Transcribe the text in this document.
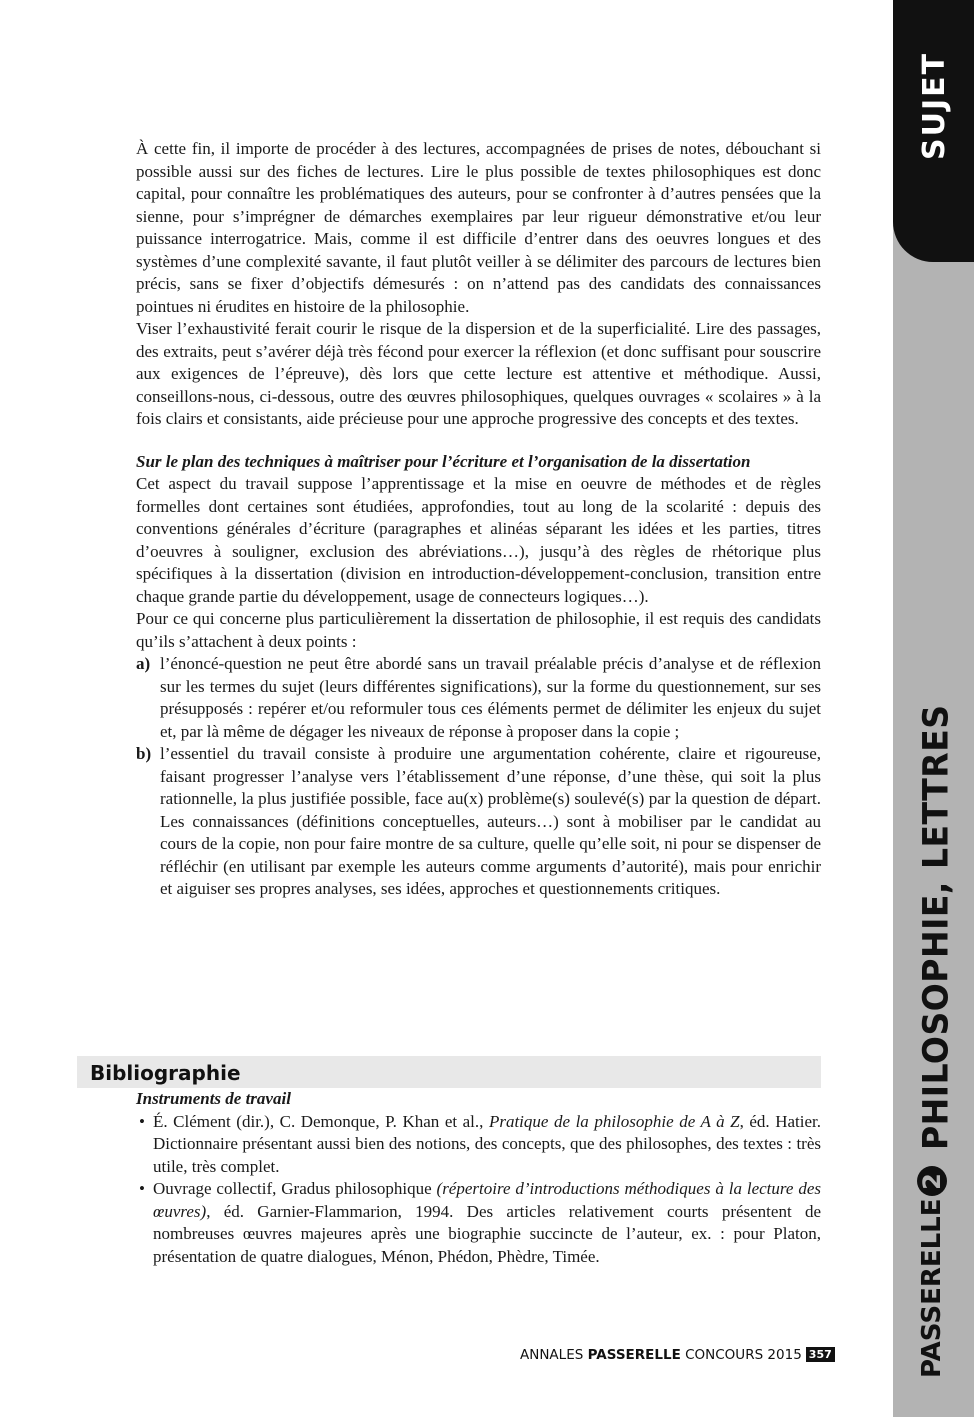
SUJET
PHILOSOPHIE, LETTRES
PASSERELLE2

À cette fin, il importe de procéder à des lectures, accompagnées de prises de notes, débouchant si possible aussi sur des fiches de lectures. Lire le plus possible de textes philosophiques est donc capital, pour connaître les problématiques des auteurs, pour se confronter à d’autres pensées que la sienne, pour s’imprégner de démarches exemplaires par leur rigueur démonstrative et/ou leur puissance interrogatrice. Mais, comme il est difficile d’entrer dans des oeuvres longues et des systèmes d’une complexité savante, il faut plutôt veiller à se délimiter des parcours de lectures bien précis, sans se fixer d’objectifs démesurés : on n’attend pas des candidats des connaissances pointues ni érudites en histoire de la philosophie.

Viser l’exhaustivité ferait courir le risque de la dispersion et de la superficialité. Lire des passages, des extraits, peut s’avérer déjà très fécond pour exercer la réflexion (et donc suffisant pour souscrire aux exigences de l’épreuve), dès lors que cette lecture est attentive et méthodique. Aussi, conseillons-nous, ci-dessous, outre des œuvres philosophiques, quelques ouvrages « scolaires » à la fois clairs et consistants, aide précieuse pour une approche progressive des concepts et des textes.

Sur le plan des techniques à maîtriser pour l’écriture et l’organisation de la dissertation

Cet aspect du travail suppose l’apprentissage et la mise en oeuvre de méthodes et de règles formelles dont certaines sont étudiées, approfondies, tout au long de la scolarité : depuis des conventions générales d’écriture (paragraphes et alinéas séparant les idées et les parties, titres d’oeuvres à souligner, exclusion des abréviations…), jusqu’à des règles de rhétorique plus spécifiques à la dissertation (division en introduction-développement-conclusion, transition entre chaque grande partie du développement, usage de connecteurs logiques…).

Pour ce qui concerne plus particulièrement la dissertation de philosophie, il est requis des candidats qu’ils s’attachent à deux points :

a) l’énoncé-question ne peut être abordé sans un travail préalable précis d’analyse et de réflexion sur les termes du sujet (leurs différentes significations), sur la forme du questionnement, sur ses présupposés : repérer et/ou reformuler tous ces éléments permet de délimiter les enjeux du sujet et, par là même de dégager les niveaux de réponse à proposer dans la copie ;
b) l’essentiel du travail consiste à produire une argumentation cohérente, claire et rigoureuse, faisant progresser l’analyse vers l’établissement d’une réponse, d’une thèse, qui soit la plus rationnelle, la plus justifiée possible, face au(x) problème(s) soulevé(s) par la question de départ. Les connaissances (définitions conceptuelles, auteurs…) sont à mobiliser par le candidat au cours de la copie, non pour faire montre de sa culture, quelle qu’elle soit, ni pour se dispenser de réfléchir (en utilisant par exemple les auteurs comme arguments d’autorité), mais pour enrichir et aiguiser ses propres analyses, ses idées, approches et questionnements critiques.
Bibliographie
Instruments de travail
• É. Clément (dir.), C. Demonque, P. Khan et al., Pratique de la philosophie de A à Z, éd. Hatier. Dictionnaire présentant aussi bien des notions, des concepts, que des philosophes, des textes : très utile, très complet.
• Ouvrage collectif, Gradus philosophique (répertoire d’introductions méthodiques à la lecture des œuvres), éd. Garnier-Flammarion, 1994. Des articles relativement courts présentent de nombreuses œuvres majeures après une biographie succincte de l’auteur, ex. : pour Platon, présentation de quatre dialogues, Ménon, Phédon, Phèdre, Timée.
ANNALES PASSERELLE CONCOURS 2015 357
